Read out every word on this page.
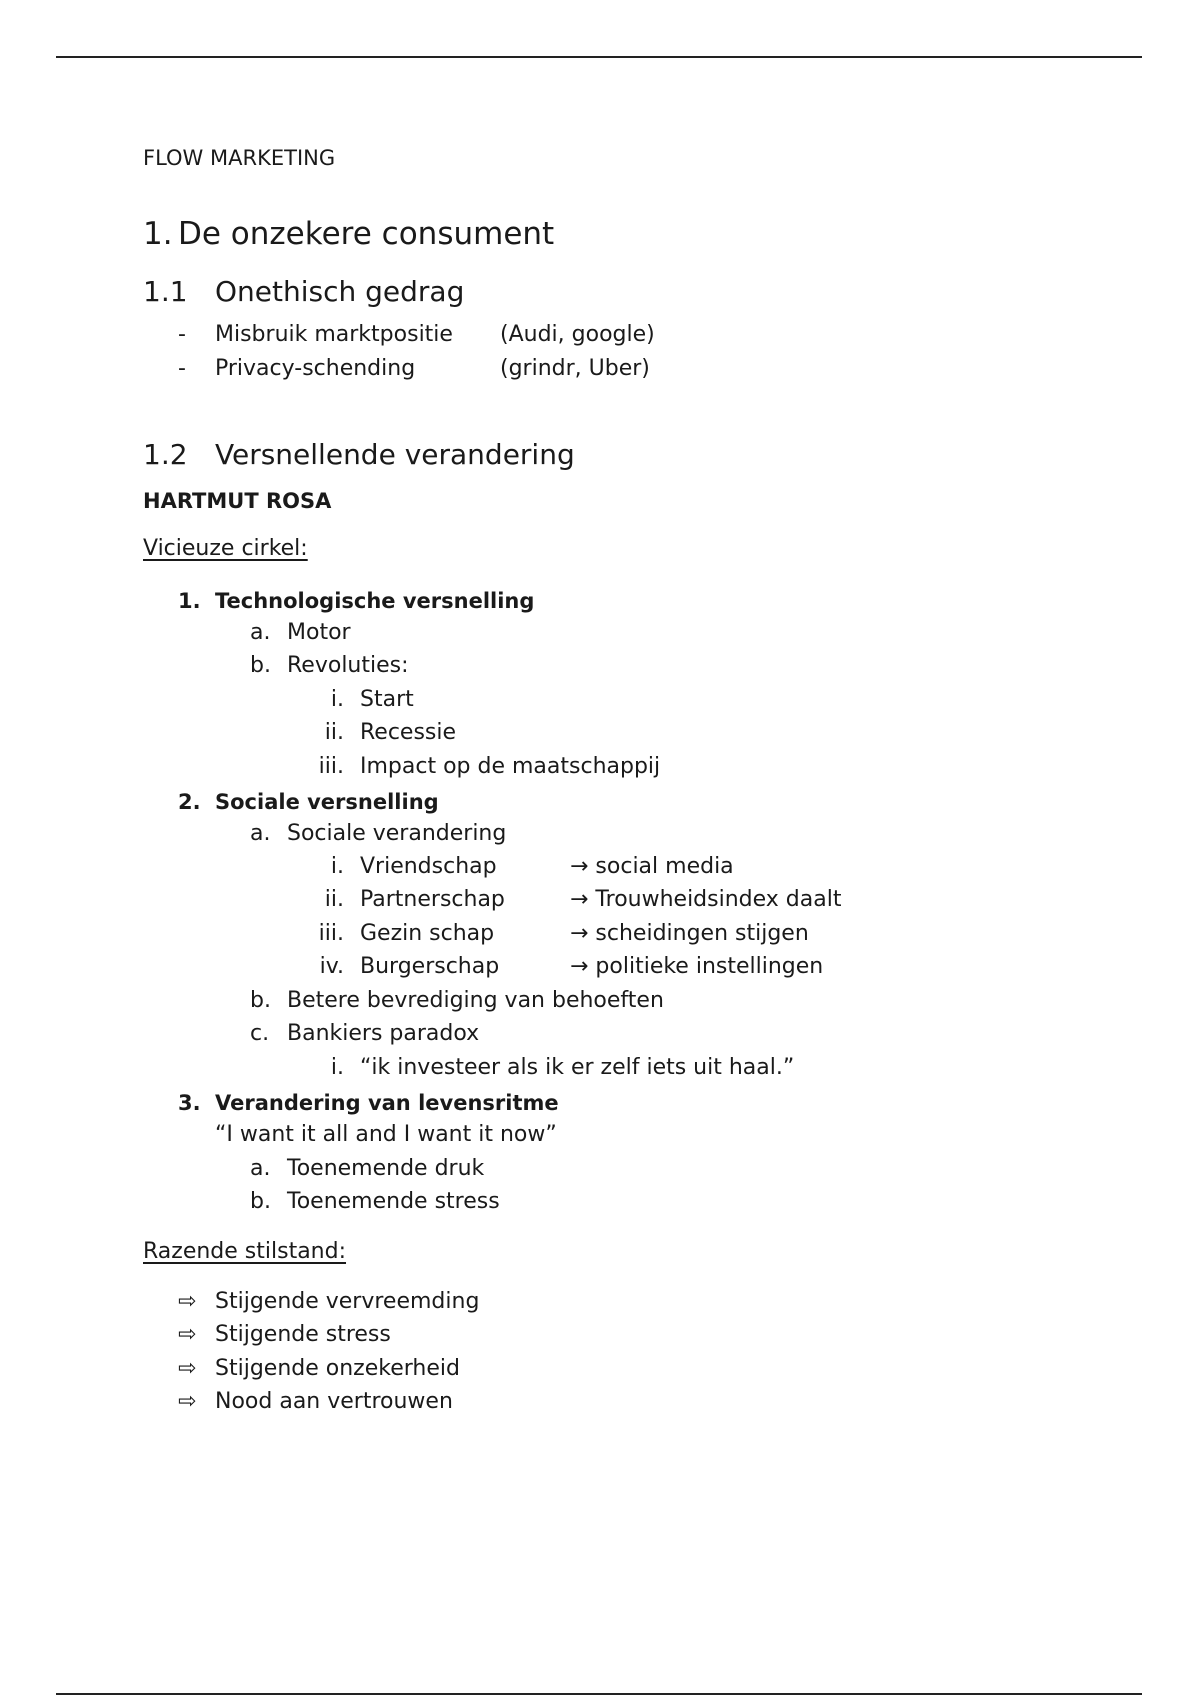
FLOW MARKETING
1. De onzekere consument
1.1 Onethisch gedrag
- Misbruik marktpositie (Audi, google)
- Privacy-schending	(grindr, Uber)
1.2 Versnellende verandering
HARTMUT ROSA
Vicieuze cirkel:
1. Technologische versnelling
a. Motor
b. Revoluties:
i. Start
ii. Recessie
iii. Impact op de maatschappij
2. Sociale versnelling
a. Sociale verandering
i. Vriendschap	→ social media
ii. Partnerschap	→ Trouwheidsindex daalt
iii. Gezin schap	→ scheidingen stijgen
iv. Burgerschap	→ politieke instellingen
b. Betere bevrediging van behoeften
c. Bankiers paradox
i. “ik investeer als ik er zelf iets uit haal.”
3. Verandering van levensritme
“I want it all and I want it now”
a. Toenemende druk
b. Toenemende stress
Razende stilstand:
⇨ Stijgende vervreemding
⇨ Stijgende stress
⇨ Stijgende onzekerheid
⇨ Nood aan vertrouwen
